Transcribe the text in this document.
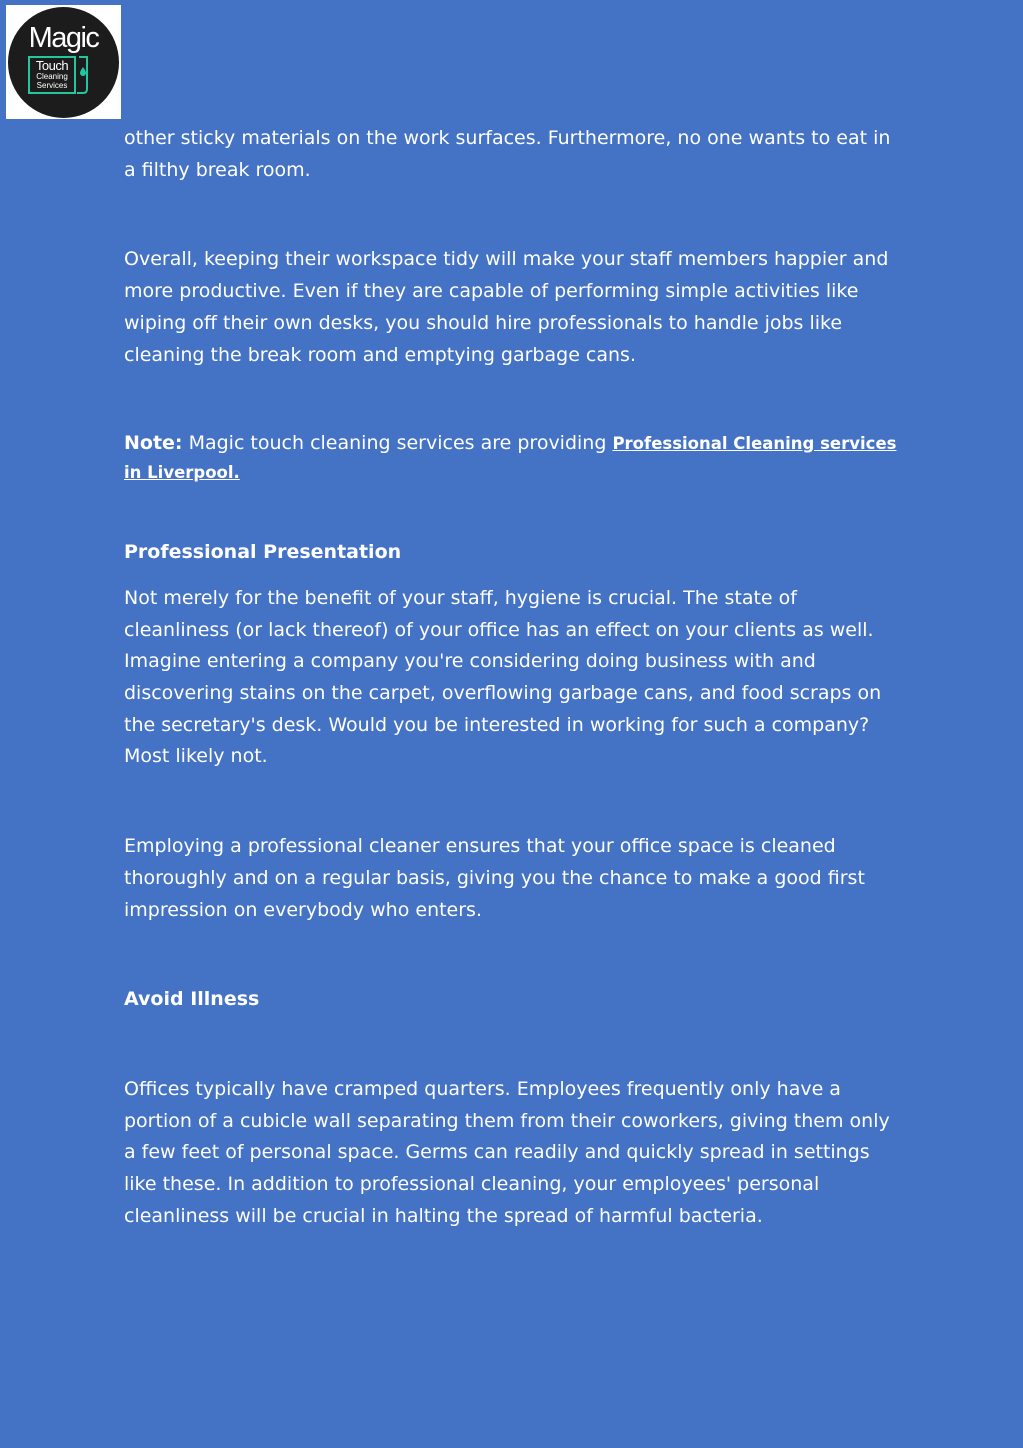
Magic
Touch
Cleaning
Services

other sticky materials on the work surfaces. Furthermore, no one wants to eat in a filthy break room.

Overall, keeping their workspace tidy will make your staff members happier and more productive. Even if they are capable of performing simple activities like wiping off their own desks, you should hire professionals to handle jobs like cleaning the break room and emptying garbage cans.

Note: Magic touch cleaning services are providing Professional Cleaning services in Liverpool.

Professional Presentation

Not merely for the benefit of your staff, hygiene is crucial. The state of cleanliness (or lack thereof) of your office has an effect on your clients as well. Imagine entering a company you're considering doing business with and discovering stains on the carpet, overflowing garbage cans, and food scraps on the secretary's desk. Would you be interested in working for such a company? Most likely not.

Employing a professional cleaner ensures that your office space is cleaned thoroughly and on a regular basis, giving you the chance to make a good first impression on everybody who enters.

Avoid Illness

Offices typically have cramped quarters. Employees frequently only have a portion of a cubicle wall separating them from their coworkers, giving them only a few feet of personal space. Germs can readily and quickly spread in settings like these. In addition to professional cleaning, your employees' personal cleanliness will be crucial in halting the spread of harmful bacteria.
